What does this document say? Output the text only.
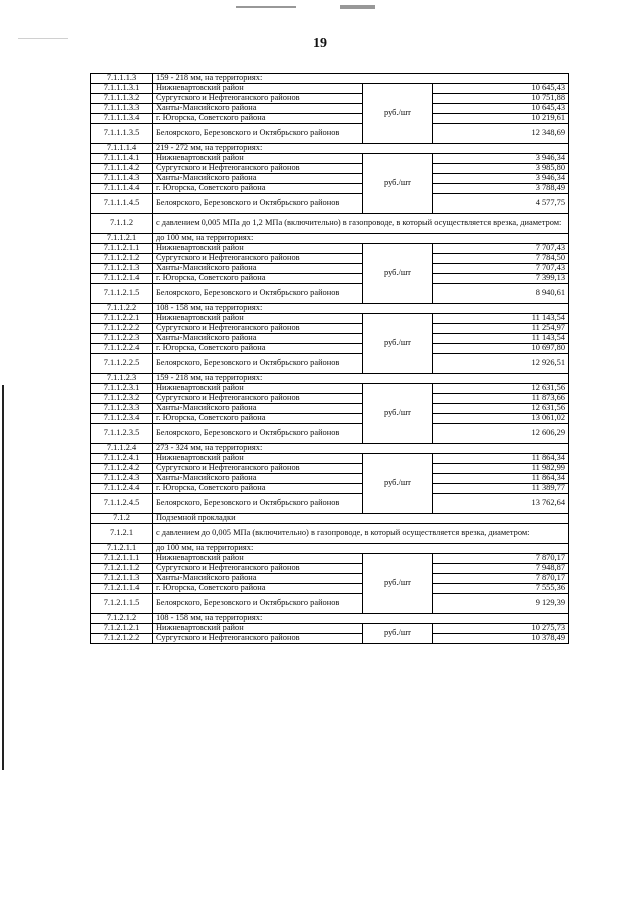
19
7.1.1.1.3	159 - 218 мм, на территориях:		
7.1.1.1.3.1	Нижневартовский район	руб./шт	10 645,43
7.1.1.1.3.2	Сургутского и Нефтеюганского районов		10 751,88
7.1.1.1.3.3	Ханты-Мансийского района		10 645,43
7.1.1.1.3.4	г. Югорска, Советского района		10 219,61
7.1.1.1.3.5	Белоярского, Березовского и Октябрьского районов		12 348,69
7.1.1.1.4	219 - 272 мм, на территориях:		
7.1.1.1.4.1	Нижневартовский район	руб./шт	3 946,34
7.1.1.1.4.2	Сургутского и Нефтеюганского районов		3 985,80
7.1.1.1.4.3	Ханты-Мансийского района		3 946,34
7.1.1.1.4.4	г. Югорска, Советского района		3 788,49
7.1.1.1.4.5	Белоярского, Березовского и Октябрьского районов		4 577,75
7.1.1.2	с давлением 0,005 МПа до 1,2 МПа (включительно) в газопроводе, в который осуществляется врезка, диаметром:		
7.1.1.2.1	до 100 мм, на территориях:		
7.1.1.2.1.1	Нижневартовский район	руб./шт	7 707,43
7.1.1.2.1.2	Сургутского и Нефтеюганского районов		7 784,50
7.1.1.2.1.3	Ханты-Мансийского района		7 707,43
7.1.1.2.1.4	г. Югорска, Советского района		7 399,13
7.1.1.2.1.5	Белоярского, Березовского и Октябрьского районов		8 940,61
7.1.1.2.2	108 - 158 мм, на территориях:		
7.1.1.2.2.1	Нижневартовский район	руб./шт	11 143,54
7.1.1.2.2.2	Сургутского и Нефтеюганского районов		11 254,97
7.1.1.2.2.3	Ханты-Мансийского района		11 143,54
7.1.1.2.2.4	г. Югорска, Советского района		10 697,80
7.1.1.2.2.5	Белоярского, Березовского и Октябрьского районов		12 926,51
7.1.1.2.3	159 - 218 мм, на территориях:		
7.1.1.2.3.1	Нижневартовский район	руб./шт	12 631,56
7.1.1.2.3.2	Сургутского и Нефтеюганского районов		11 873,66
7.1.1.2.3.3	Ханты-Мансийского района		12 631,56
7.1.1.2.3.4	г. Югорска, Советского района		13 061,02
7.1.1.2.3.5	Белоярского, Березовского и Октябрьского районов		12 606,29
7.1.1.2.4	273 - 324 мм, на территориях:		
7.1.1.2.4.1	Нижневартовский район	руб./шт	11 864,34
7.1.1.2.4.2	Сургутского и Нефтеюганского районов		11 982,99
7.1.1.2.4.3	Ханты-Мансийского района		11 864,34
7.1.1.2.4.4	г. Югорска, Советского района		11 389,77
7.1.1.2.4.5	Белоярского, Березовского и Октябрьского районов		13 762,64
7.1.2	Подземной прокладки		
7.1.2.1	с давлением до 0,005 МПа (включительно) в газопроводе, в который осуществляется врезка, диаметром:		
7.1.2.1.1	до 100 мм, на территориях:		
7.1.2.1.1.1	Нижневартовский район	руб./шт	7 870,17
7.1.2.1.1.2	Сургутского и Нефтеюганского районов		7 948,87
7.1.2.1.1.3	Ханты-Мансийского района		7 870,17
7.1.2.1.1.4	г. Югорска, Советского района		7 555,36
7.1.2.1.1.5	Белоярского, Березовского и Октябрьского районов		9 129,39
7.1.2.1.2	108 - 158 мм, на территориях:		
7.1.2.1.2.1	Нижневартовский район	руб./шт	10 275,73
7.1.2.1.2.2	Сургутского и Нефтеюганского районов		10 378,49
